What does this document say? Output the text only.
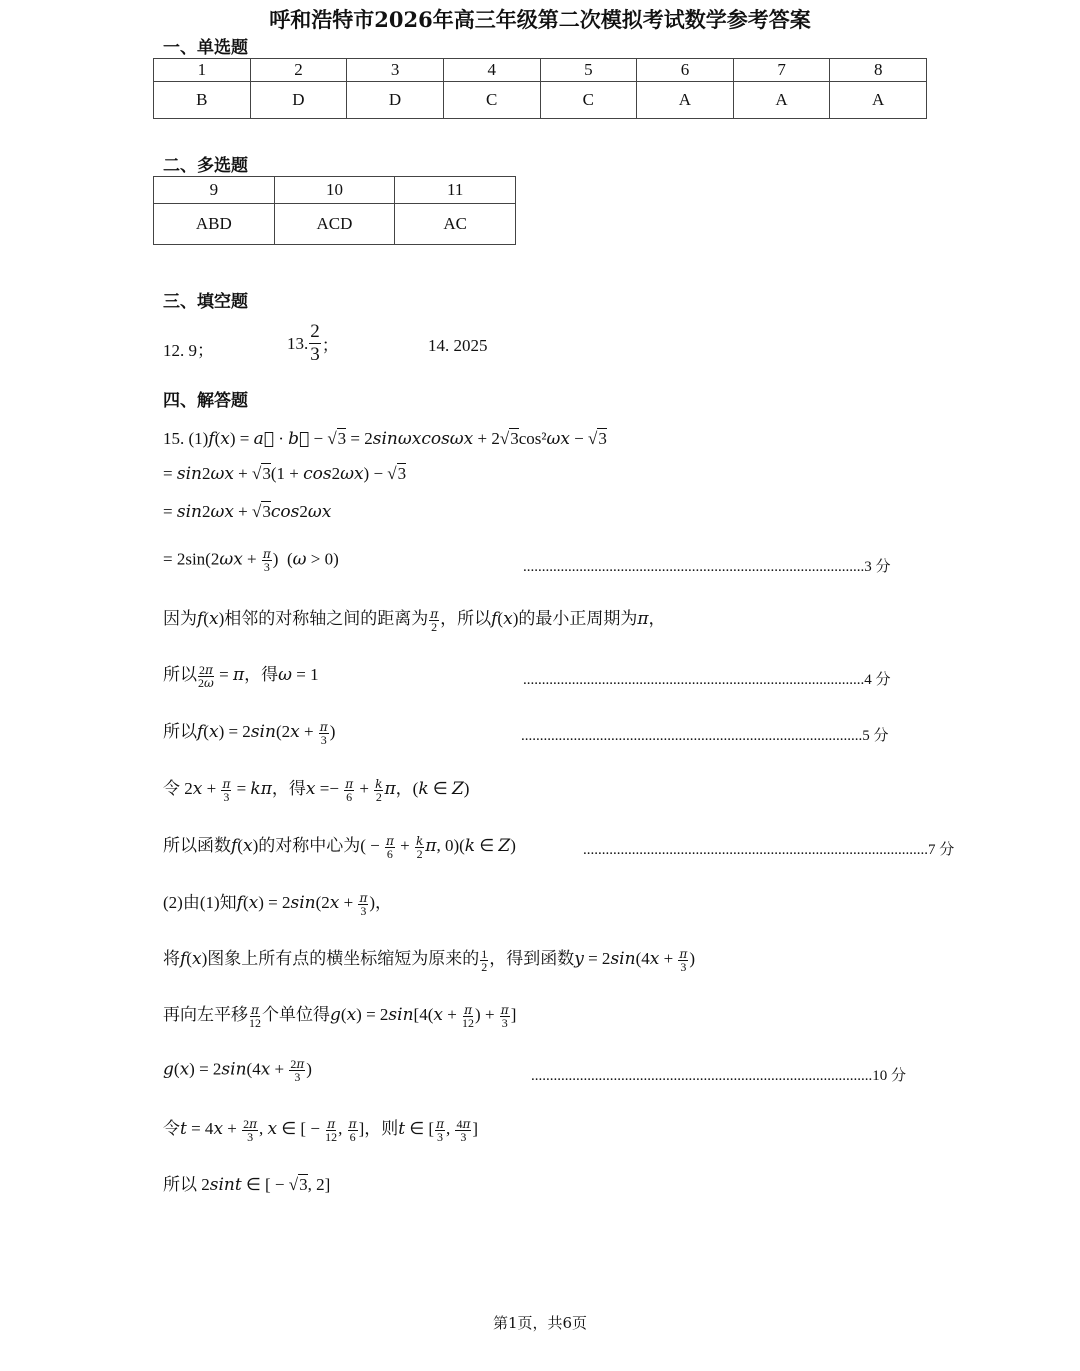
呼和浩特市2026年高三年级第二次模拟考试数学参考答案
一、单选题
1	2	3	4	5	6	7	8
B	D	D	C	C	A	A	A
二、多选题
9	10	11
ABD	ACD	AC
三、填空题
12. 9；	13. $\frac{2}{3}$ ；	14. 2025
四、解答题
15. (1)f(x) = a⃗ · b⃗ − √3 = 2sinωxcosωx + 2√3cos²ωx − √3
= sin2ωx + √3(1 + cos2ωx) − √3
= sin2ωx + √3cos2ωx
= $2\sin(2\omega x + \frac{\pi}{3}$ )  (ω > 0)	...........................................................................................3 分
因为f(x)相邻的对称轴之间的距离为 $\frac{\pi}{2}$ ，所以f(x)的最小正周期为π，
所以 $\frac{2\pi}{2\omega} = \pi$，得ω = 1	...........................................................................................4 分
所以$f(x) = 2\sin(2x + \frac{\pi}{3}$ )	...........................................................................................5 分
令 $2x + \frac{\pi}{3} = k\pi$，得$x =- \frac{\pi}{6} + \frac{k}{2}$ π，(k ∈ Z)
所以函数f(x)的对称中心为( − $\frac{\pi}{6} + \frac{k}{2} \pi$, 0)(k ∈ Z)	............................................................................................7 分
(2)由(1)知$f(x) = 2\sin(2x + \frac{\pi}{3}$ )，
将f(x)图象上所有点的横坐标缩短为原来的 $\frac{1}{2}$ ，得到函数$y = 2\sin(4x + \frac{\pi}{3}$ )
再向左平移 $\frac{\pi}{12}$ 个单位得$g(x) = 2\sin[4(x + \frac{\pi}{12}$ ) + $\frac{\pi}{3}$ ]
$g(x) = 2\sin(4x + \frac{2\pi}{3}$ )	...........................................................................................10 分
令$t = 4x + \frac{2\pi}{3}$ , x ∈ [ − $\frac{\pi}{12}$ , $\frac{\pi}{6}$ ]，则t ∈ [ $\frac{\pi}{3}$ , $\frac{4\pi}{3}$ ]
所以 2sint ∈ [ − √3, 2]
第1页，共6页
